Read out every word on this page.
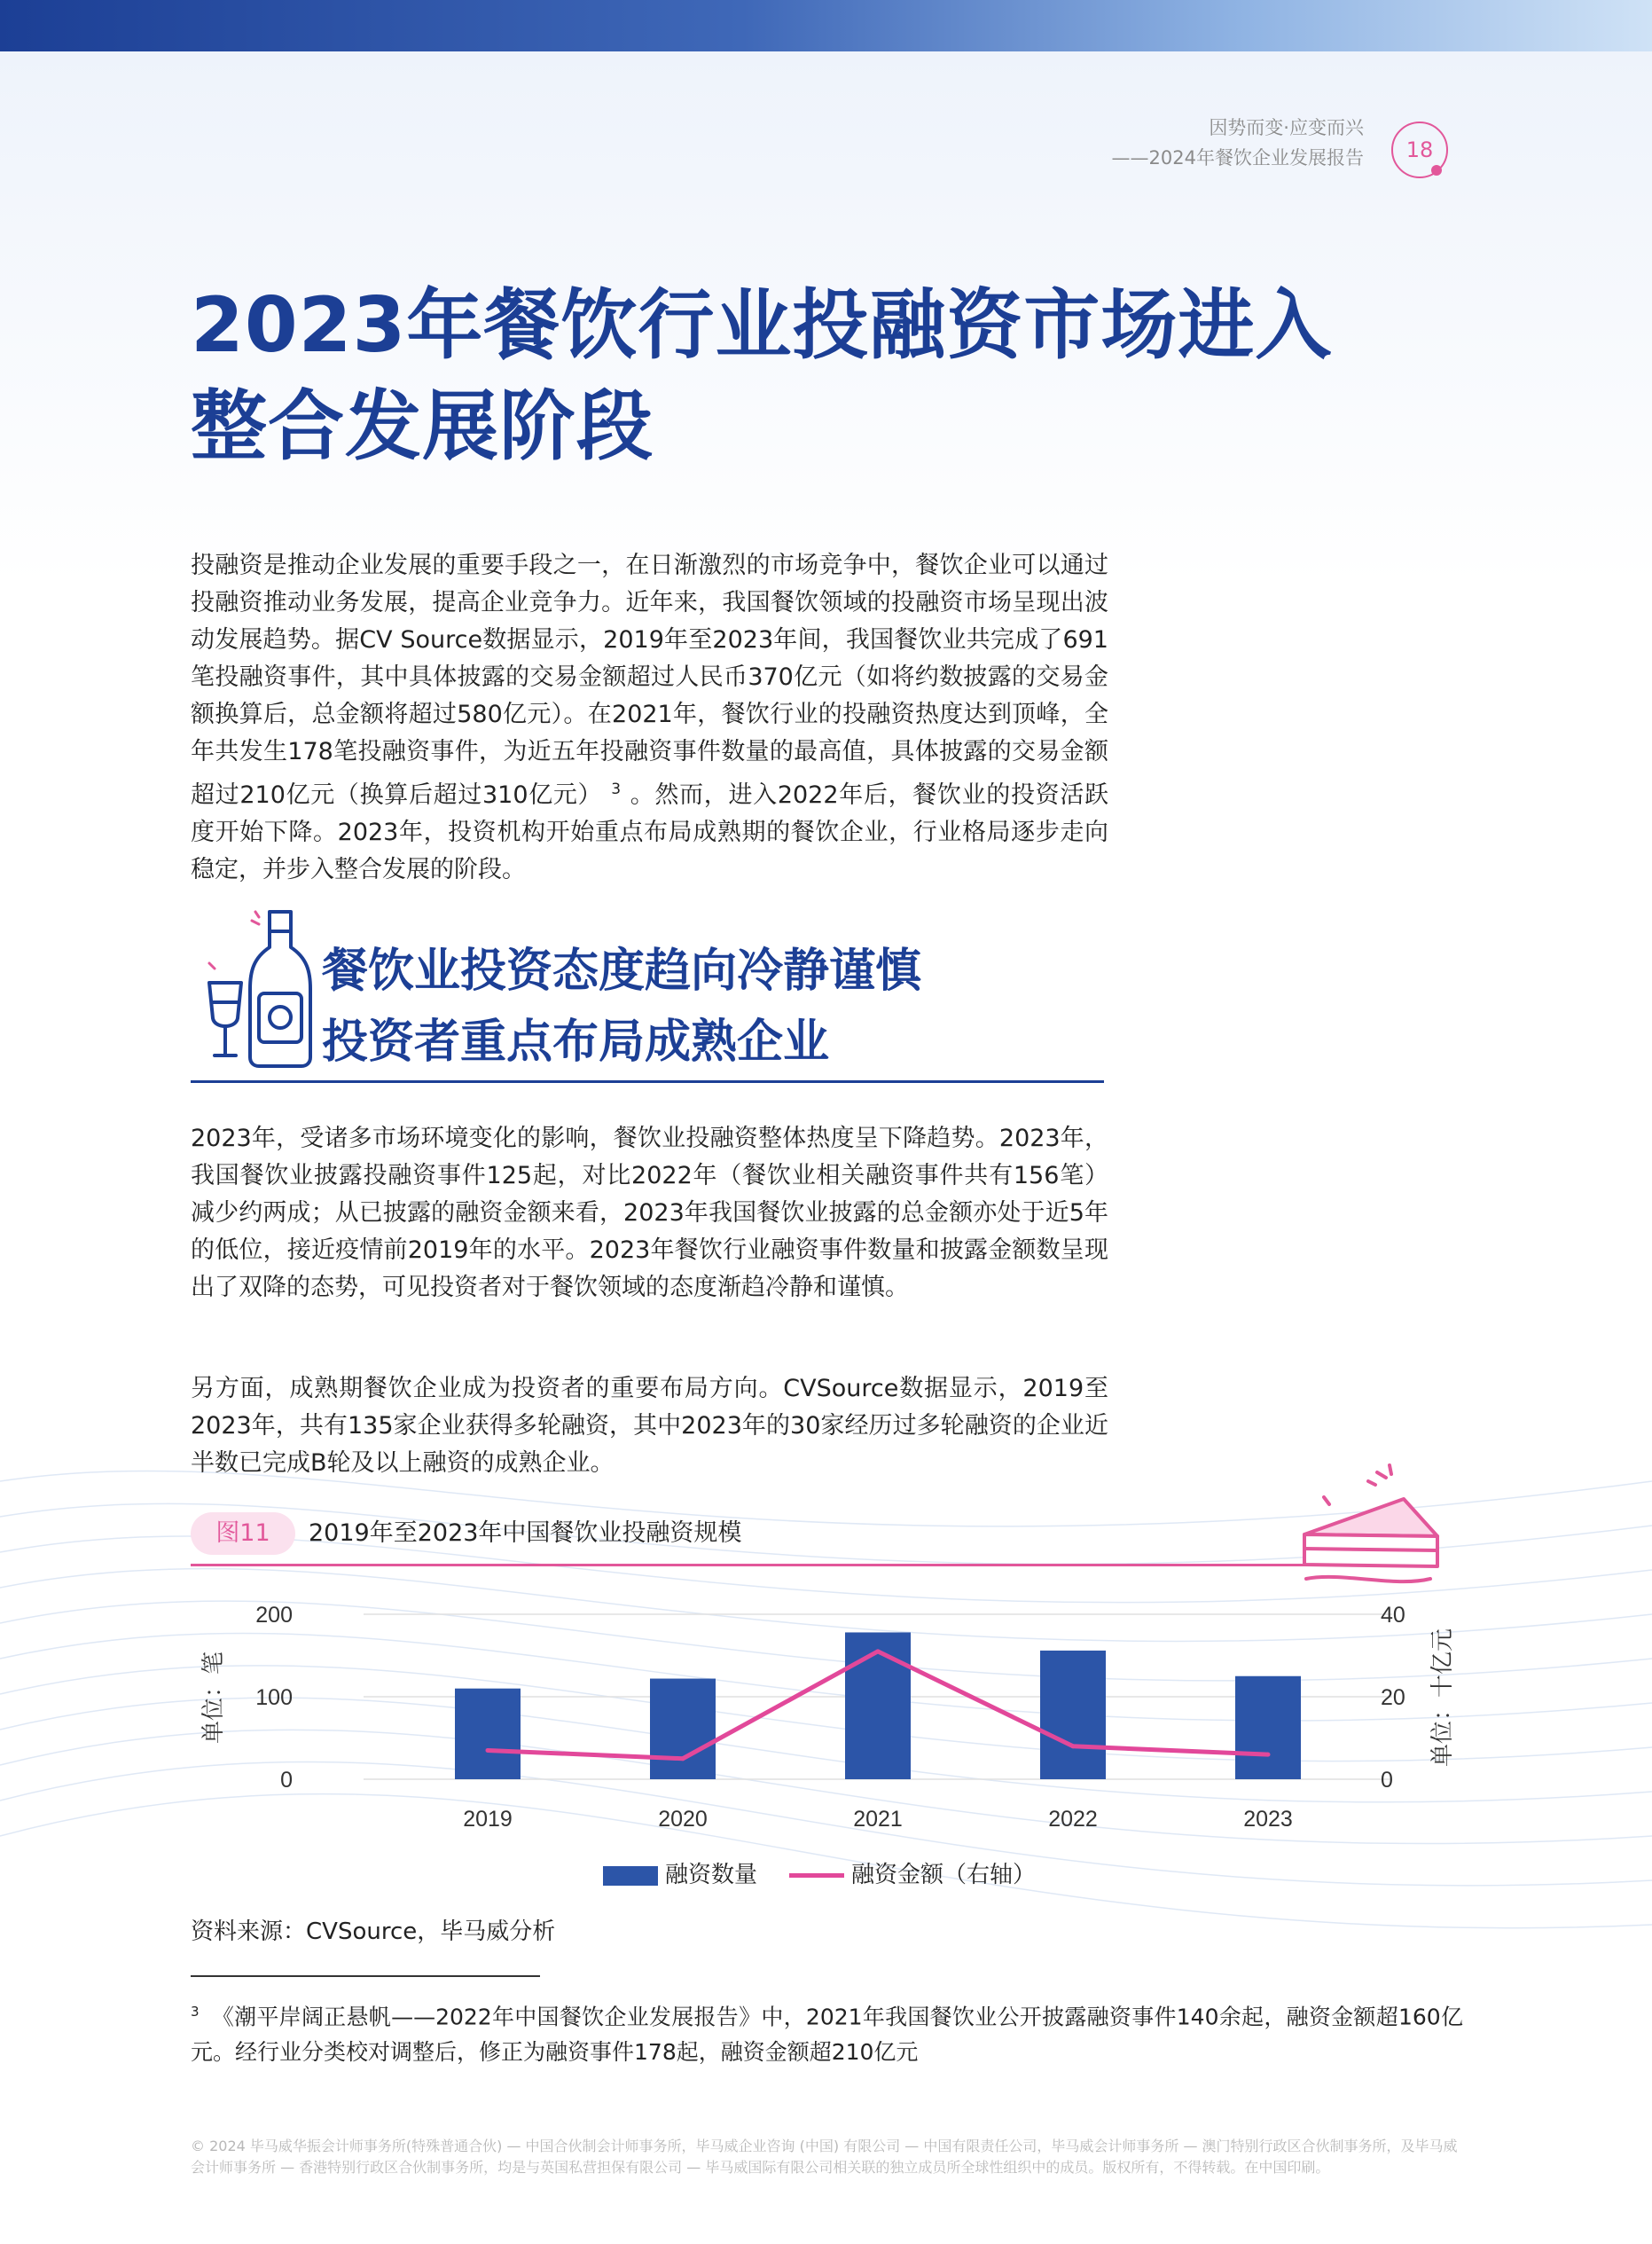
因势而变·应变而兴
——2024年餐饮企业发展报告	18
2023年餐饮行业投融资市场进入
整合发展阶段
投融资是推动企业发展的重要手段之一，在日渐激烈的市场竞争中，餐饮企业可以通过投融资推动业务发展，提高企业竞争力。近年来，我国餐饮领域的投融资市场呈现出波动发展趋势。据CV Source数据显示，2019年至2023年间，我国餐饮业共完成了691笔投融资事件，其中具体披露的交易金额超过人民币370亿元（如将约数披露的交易金额换算后，总金额将超过580亿元）。在2021年，餐饮行业的投融资热度达到顶峰，全年共发生178笔投融资事件，为近五年投融资事件数量的最高值，具体披露的交易金额超过210亿元（换算后超过310亿元） $^3$ 。然而，进入2022年后，餐饮业的投资活跃度开始下降。2023年，投资机构开始重点布局成熟期的餐饮企业，行业格局逐步走向稳定，并步入整合发展的阶段。
餐饮业投资态度趋向冷静谨慎
投资者重点布局成熟企业
2023年，受诸多市场环境变化的影响，餐饮业投融资整体热度呈下降趋势。2023年，我国餐饮业披露投融资事件125起，对比2022年（餐饮业相关融资事件共有156笔）减少约两成；从已披露的融资金额来看，2023年我国餐饮业披露的总金额亦处于近5年的低位，接近疫情前2019年的水平。2023年餐饮行业融资事件数量和披露金额数呈现出了双降的态势，可见投资者对于餐饮领域的态度渐趋冷静和谨慎。
另方面，成熟期餐饮企业成为投资者的重要布局方向。CVSource数据显示，2019至2023年，共有135家企业获得多轮融资，其中2023年的30家经历过多轮融资的企业近半数已完成B轮及以上融资的成熟企业。
图11	2019年至2023年中国餐饮业投融资规模
0
100
200
0
20
40
单位：笔	单位：十亿元
2019	2020	2021	2022	2023
融资数量	融资金额（右轴）
资料来源：CVSource，毕马威分析
$^3$ 《潮平岸阔正悬帆——2022年中国餐饮企业发展报告》中，2021年我国餐饮业公开披露融资事件140余起，融资金额超160亿元。经行业分类校对调整后，修正为融资事件178起，融资金额超210亿元
© 2024 毕马威华振会计师事务所(特殊普通合伙) — 中国合伙制会计师事务所，毕马威企业咨询 (中国) 有限公司 — 中国有限责任公司，毕马威会计师事务所 — 澳门特别行政区合伙制事务所，及毕马威会计师事务所 — 香港特别行政区合伙制事务所，均是与英国私营担保有限公司 — 毕马威国际有限公司相关联的独立成员所全球性组织中的成员。版权所有，不得转载。在中国印刷。
